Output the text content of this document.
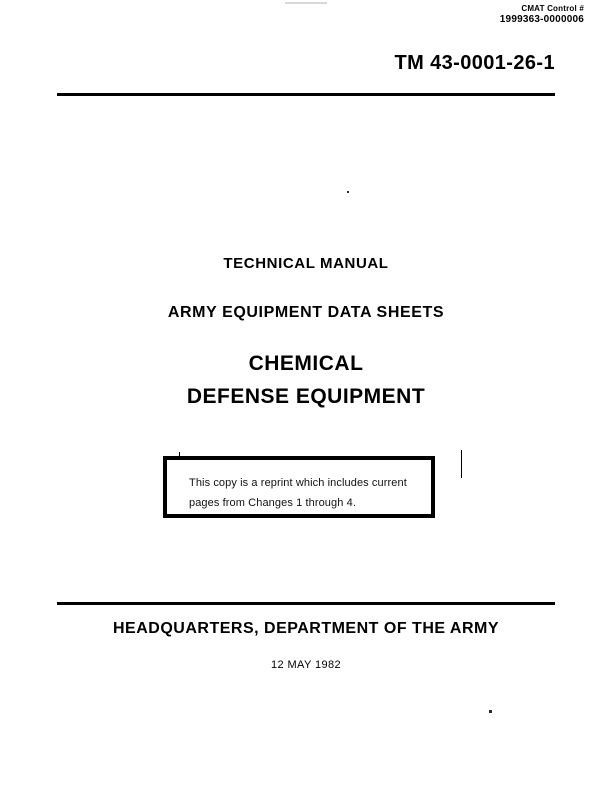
CMAT Control #
1999363-0000006
TM 43-0001-26-1
TECHNICAL MANUAL
ARMY EQUIPMENT DATA SHEETS
CHEMICAL
DEFENSE EQUIPMENT
This copy is a reprint which includes current pages from Changes 1 through 4.
HEADQUARTERS, DEPARTMENT OF THE ARMY
12 MAY 1982
